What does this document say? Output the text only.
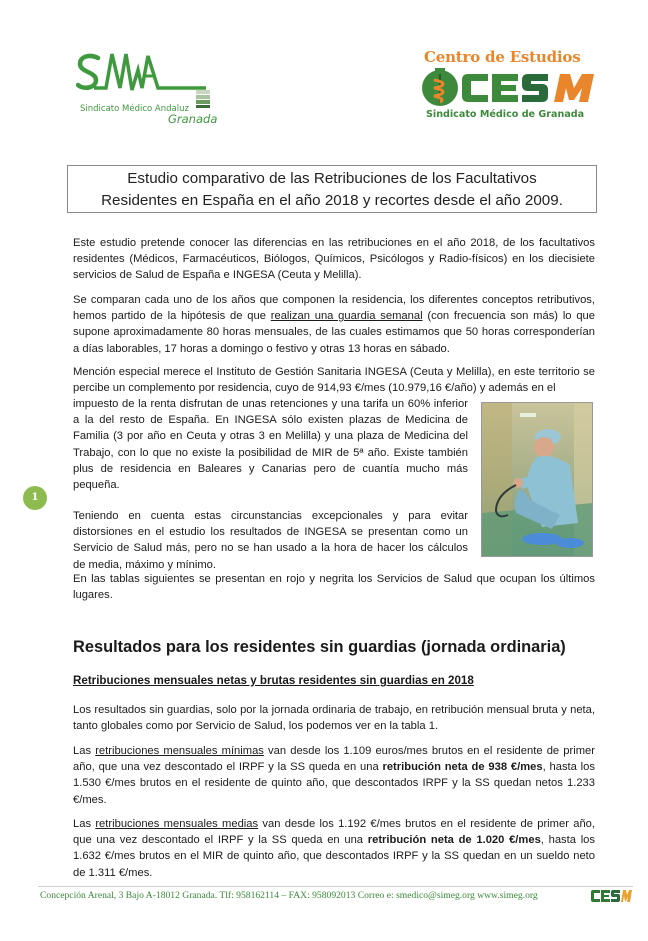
Sindicato Médico Andaluz
Granada
Centro de Estudios
Sindicato Médico de Granada
Estudio comparativo de las Retribuciones de los Facultativos
Residentes en España en el año 2018 y recortes desde el año 2009.
Este estudio pretende conocer las diferencias en las retribuciones en el año 2018, de los facultativos residentes (Médicos, Farmacéuticos, Biólogos, Químicos, Psicólogos y Radio-físicos) en los diecisiete servicios de Salud de España e INGESA (Ceuta y Melilla).
Se comparan cada uno de los años que componen la residencia, los diferentes conceptos retributivos, hemos partido de la hipótesis de que realizan una guardia semanal (con frecuencia son más) lo que supone aproximadamente 80 horas mensuales, de las cuales estimamos que 50 horas corresponderían a días laborables, 17 horas a domingo o festivo y otras 13 horas en sábado.
Mención especial merece el Instituto de Gestión Sanitaria INGESA (Ceuta y Melilla), en este territorio se percibe un complemento por residencia, cuyo de 914,93 €/mes (10.979,16 €/año) y además en el
impuesto de la renta disfrutan de unas retenciones y una tarifa un 60% inferior a la del resto de España. En INGESA sólo existen plazas de Medicina de Familia (3 por año en Ceuta y otras 3 en Melilla) y una plaza de Medicina del Trabajo, con lo que no existe la posibilidad de MIR de 5ª año. Existe también plus de residencia en Baleares y Canarias pero de cuantía mucho más pequeña.
Teniendo en cuenta estas circunstancias excepcionales y para evitar distorsiones en el estudio los resultados de INGESA se presentan como un Servicio de Salud más, pero no se han usado a la hora de hacer los cálculos de media, máximo y mínimo.
En las tablas siguientes se presentan en rojo y negrita los Servicios de Salud que ocupan los últimos lugares.
1
Resultados para los residentes sin guardias (jornada ordinaria)
Retribuciones mensuales netas y brutas residentes sin guardias en 2018
Los resultados sin guardias, solo por la jornada ordinaria de trabajo, en retribución mensual bruta y neta, tanto globales como por Servicio de Salud, los podemos ver en la tabla 1.
Las retribuciones mensuales mínimas van desde los 1.109 euros/mes brutos en el residente de primer año, que una vez descontado el IRPF y la SS queda en una retribución neta de 938 €/mes, hasta los 1.530 €/mes brutos en el residente de quinto año, que descontados IRPF y la SS quedan netos 1.233 €/mes.
Las retribuciones mensuales medias van desde los 1.192 €/mes brutos en el residente de primer año, que una vez descontado el IRPF y la SS queda en una retribución neta de 1.020 €/mes, hasta los 1.632 €/mes brutos en el MIR de quinto año, que descontados IRPF y la SS quedan en un sueldo neto de 1.311 €/mes.
Concepción Arenal, 3 Bajo A-18012 Granada. Tlf: 958162114 – FAX: 958092013 Correo e: smedico@simeg.org www.simeg.org
